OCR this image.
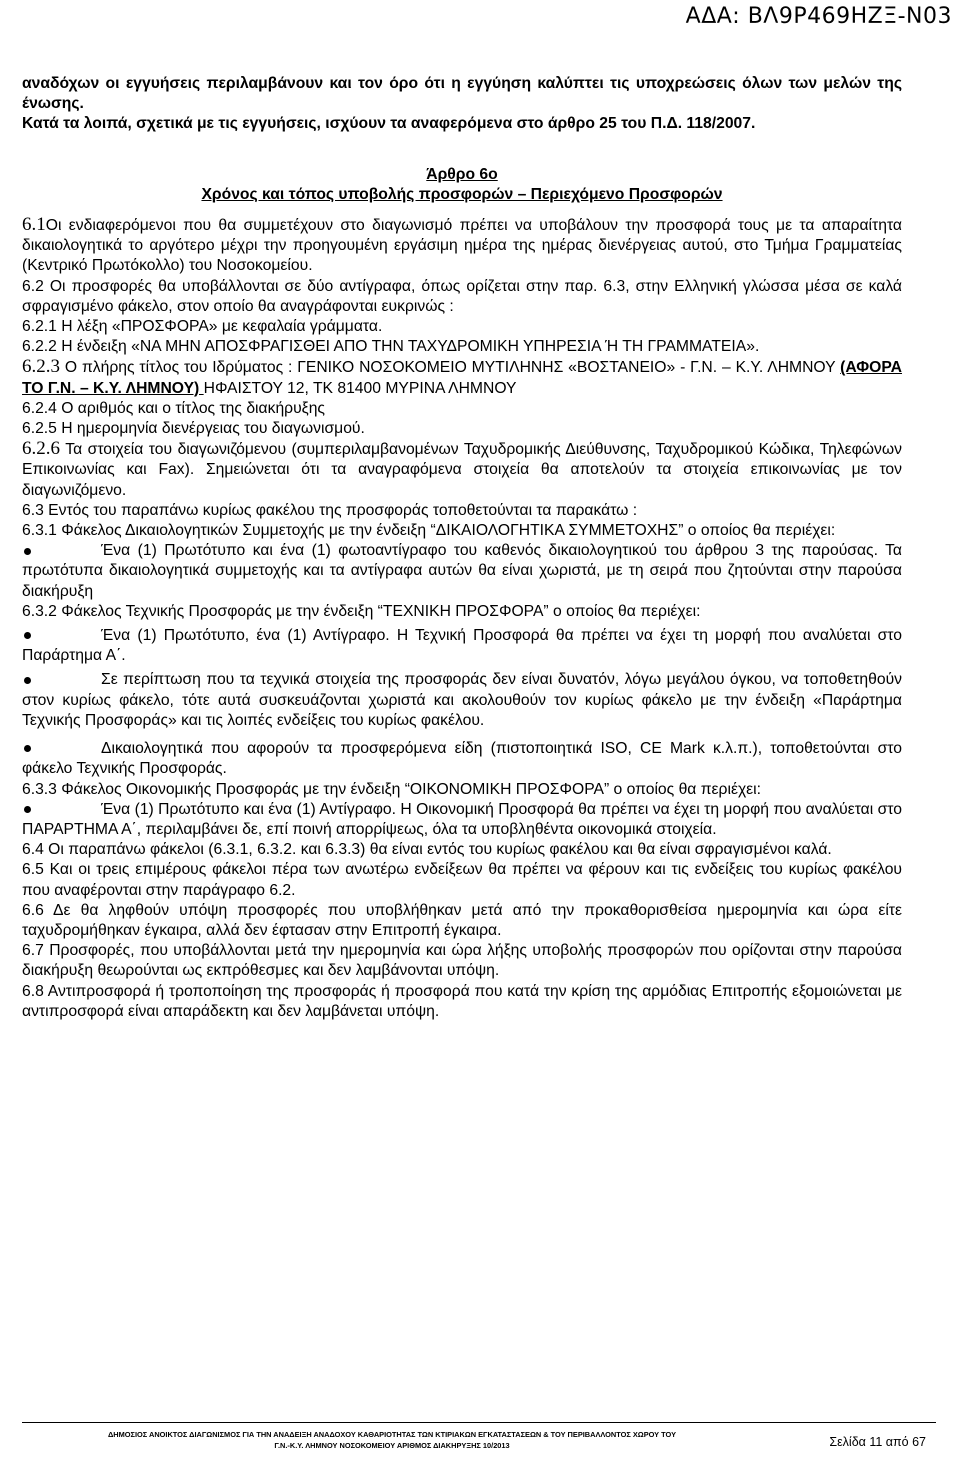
ΑΔΑ: ΒΛ9Ρ469ΗΖΞ-Ν03

αναδόχων οι εγγυήσεις περιλαμβάνουν και τον όρο ότι η εγγύηση καλύπτει τις υποχρεώσεις όλων των μελών της ένωσης.

Κατά τα λοιπά, σχετικά με τις εγγυήσεις, ισχύουν τα αναφερόμενα στο άρθρο 25 του Π.Δ. 118/2007.

Άρθρο 6ο

Χρόνος και τόπος υποβολής προσφορών – Περιεχόμενο Προσφορών

6.1Οι ενδιαφερόμενοι που θα συμμετέχουν στο διαγωνισμό πρέπει να υποβάλουν την προσφορά τους με τα απαραίτητα δικαιολογητικά το αργότερο μέχρι την προηγουμένη εργάσιμη ημέρα της ημέρας διενέργειας αυτού, στο Τμήμα Γραμματείας (Κεντρικό Πρωτόκολλο) του Νοσοκομείου.

6.2 Οι προσφορές θα υποβάλλονται σε δύο αντίγραφα, όπως ορίζεται στην παρ. 6.3, στην Ελληνική γλώσσα μέσα σε καλά σφραγισμένο φάκελο, στον οποίο θα αναγράφονται ευκρινώς :

6.2.1 Η λέξη «ΠΡΟΣΦΟΡΑ» με κεφαλαία γράμματα.

6.2.2 Η ένδειξη «ΝΑ ΜΗΝ ΑΠΟΣΦΡΑΓΙΣΘΕΙ ΑΠΟ ΤΗΝ ΤΑΧΥΔΡΟΜΙΚΗ ΥΠΗΡΕΣΙΑ Ή ΤΗ ΓΡΑΜΜΑΤΕΙΑ».

6.2.3 Ο πλήρης τίτλος του Ιδρύματος : ΓΕΝΙΚΟ ΝΟΣΟΚΟΜΕΙΟ ΜΥΤΙΛΗΝΗΣ «ΒΟΣΤΑΝΕΙΟ» - Γ.Ν. – Κ.Υ. ΛΗΜΝΟΥ (ΑΦΟΡΑ ΤΟ Γ.Ν. – Κ.Υ. ΛΗΜΝΟΥ) ΗΦΑΙΣΤΟΥ 12, ΤΚ 81400 ΜΥΡΙΝΑ ΛΗΜΝΟΥ

6.2.4 Ο αριθμός και ο τίτλος της διακήρυξης

6.2.5 Η ημερομηνία διενέργειας του διαγωνισμού.

6.2.6 Τα στοιχεία του διαγωνιζόμενου (συμπεριλαμβανομένων Ταχυδρομικής Διεύθυνσης, Ταχυδρομικού Κώδικα, Τηλεφώνων Επικοινωνίας και Fax). Σημειώνεται ότι τα αναγραφόμενα στοιχεία θα αποτελούν τα στοιχεία επικοινωνίας με τον διαγωνιζόμενο.

6.3 Εντός του παραπάνω κυρίως φακέλου της προσφοράς τοποθετούνται τα παρακάτω :

6.3.1 Φάκελος Δικαιολογητικών Συμμετοχής με την ένδειξη “ΔΙΚΑΙΟΛΟΓΗΤΙΚΑ ΣΥΜΜΕΤΟΧΗΣ” ο οποίος θα περιέχει:

Ένα (1) Πρωτότυπο και ένα (1) φωτοαντίγραφο του καθενός δικαιολογητικού του άρθρου 3 της παρούσας. Τα πρωτότυπα δικαιολογητικά συμμετοχής και τα αντίγραφα αυτών θα είναι χωριστά, με τη σειρά που ζητούνται στην παρούσα διακήρυξη

6.3.2 Φάκελος Τεχνικής Προσφοράς με την ένδειξη “ΤΕΧΝΙΚΗ ΠΡΟΣΦΟΡΑ” ο οποίος θα περιέχει:

Ένα (1) Πρωτότυπο, ένα (1) Αντίγραφο. Η Τεχνική Προσφορά θα πρέπει να έχει τη μορφή που αναλύεται στο Παράρτημα Α΄.

Σε περίπτωση που τα τεχνικά στοιχεία της προσφοράς δεν είναι δυνατόν, λόγω μεγάλου όγκου, να τοποθετηθούν στον κυρίως φάκελο, τότε αυτά συσκευάζονται χωριστά και ακολουθούν τον κυρίως φάκελο με την ένδειξη «Παράρτημα Τεχνικής Προσφοράς» και τις λοιπές ενδείξεις του κυρίως φακέλου.

Δικαιολογητικά που αφορούν τα προσφερόμενα είδη (πιστοποιητικά ISO, CE Mark κ.λ.π.), τοποθετούνται στο φάκελο Τεχνικής Προσφοράς.

6.3.3 Φάκελος Οικονομικής Προσφοράς με την ένδειξη “ΟΙΚΟΝΟΜΙΚΗ ΠΡΟΣΦΟΡΑ” ο οποίος θα περιέχει:

Ένα (1) Πρωτότυπο και ένα (1) Αντίγραφο. Η Οικονομική Προσφορά θα πρέπει να έχει τη μορφή που αναλύεται στο ΠΑΡΑΡΤΗΜΑ Α΄, περιλαμβάνει δε, επί ποινή απορρίψεως, όλα τα υποβληθέντα οικονομικά στοιχεία.

6.4 Οι παραπάνω φάκελοι (6.3.1, 6.3.2. και 6.3.3) θα είναι εντός του κυρίως φακέλου και θα είναι σφραγισμένοι καλά.

6.5 Και οι τρεις επιμέρους φάκελοι πέρα των ανωτέρω ενδείξεων θα πρέπει να φέρουν και τις ενδείξεις του κυρίως φακέλου που αναφέρονται στην παράγραφο 6.2.

6.6 Δε θα ληφθούν υπόψη προσφορές που υποβλήθηκαν μετά από την προκαθορισθείσα ημερομηνία και ώρα είτε ταχυδρομήθηκαν έγκαιρα, αλλά δεν έφτασαν στην Επιτροπή έγκαιρα.

6.7 Προσφορές, που υποβάλλονται μετά την ημερομηνία και ώρα λήξης υποβολής προσφορών που ορίζονται στην παρούσα διακήρυξη θεωρούνται ως εκπρόθεσμες και δεν λαμβάνονται υπόψη.

6.8 Αντιπροσφορά ή τροποποίηση της προσφοράς ή προσφορά που κατά την κρίση της αρμόδιας Επιτροπής εξομοιώνεται με αντιπροσφορά είναι απαράδεκτη και δεν λαμβάνεται υπόψη.

ΔΗΜΟΣΙΟΣ ΑΝΟΙΚΤΟΣ ΔΙΑΓΩΝΙΣΜΟΣ ΓΙΑ ΤΗΝ ΑΝΑΔΕΙΞΗ ΑΝΑΔΟΧΟΥ ΚΑΘΑΡΙΟΤΗΤΑΣ ΤΩΝ ΚΤΙΡΙΑΚΩΝ ΕΓΚΑΤΑΣΤΑΣΕΩΝ & ΤΟΥ ΠΕΡΙΒΑΛΛΟΝΤΟΣ ΧΩΡΟΥ ΤΟΥ
Γ.Ν.-Κ.Υ. ΛΗΜΝΟΥ ΝΟΣΟΚΟΜΕΙΟΥ ΑΡΙΘΜΟΣ ΔΙΑΚΗΡΥΞΗΣ 10/2013	Σελίδα 11 από 67
